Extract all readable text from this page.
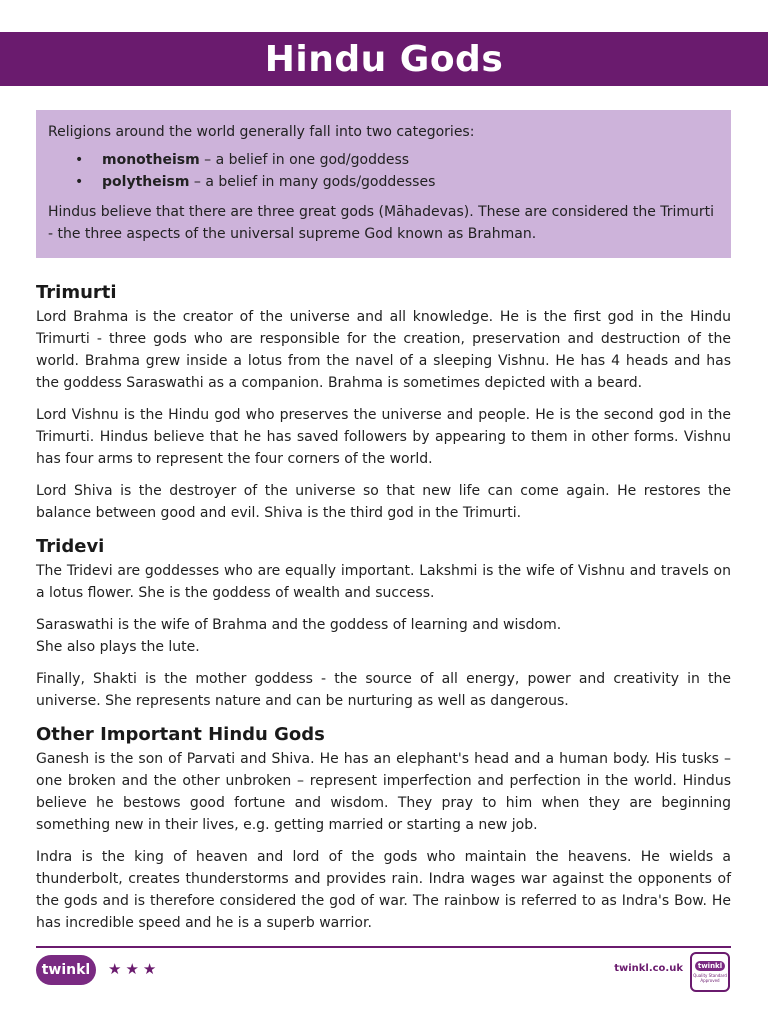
Hindu Gods

Religions around the world generally fall into two categories:

• monotheism – a belief in one god/goddess
• polytheism – a belief in many gods/goddesses

Hindus believe that there are three great gods (Māhadevas). These are considered the Trimurti - the three aspects of the universal supreme God known as Brahman.

Trimurti

Lord Brahma is the creator of the universe and all knowledge. He is the first god in the Hindu Trimurti - three gods who are responsible for the creation, preservation and destruction of the world. Brahma grew inside a lotus from the navel of a sleeping Vishnu. He has 4 heads and has the goddess Saraswathi as a companion. Brahma is sometimes depicted with a beard.

Lord Vishnu is the Hindu god who preserves the universe and people. He is the second god in the Trimurti. Hindus believe that he has saved followers by appearing to them in other forms. Vishnu has four arms to represent the four corners of the world.

Lord Shiva is the destroyer of the universe so that new life can come again. He restores the balance between good and evil. Shiva is the third god in the Trimurti.

Tridevi

The Tridevi are goddesses who are equally important. Lakshmi is the wife of Vishnu and travels on a lotus flower. She is the goddess of wealth and success.

Saraswathi is the wife of Brahma and the goddess of learning and wisdom.

She also plays the lute.

Finally, Shakti is the mother goddess - the source of all energy, power and creativity in the universe. She represents nature and can be nurturing as well as dangerous.

Other Important Hindu Gods

Ganesh is the son of Parvati and Shiva. He has an elephant's head and a human body. His tusks – one broken and the other unbroken – represent imperfection and perfection in the world. Hindus believe he bestows good fortune and wisdom. They pray to him when they are beginning something new in their lives, e.g. getting married or starting a new job.

Indra is the king of heaven and lord of the gods who maintain the heavens. He wields a thunderbolt, creates thunderstorms and provides rain. Indra wages war against the opponents of the gods and is therefore considered the god of war. The rainbow is referred to as Indra's Bow. He has incredible speed and he is a superb warrior.

twinkl	★ ★ ★	twinkl.co.uk	twinkl
Quality Standard Approved
